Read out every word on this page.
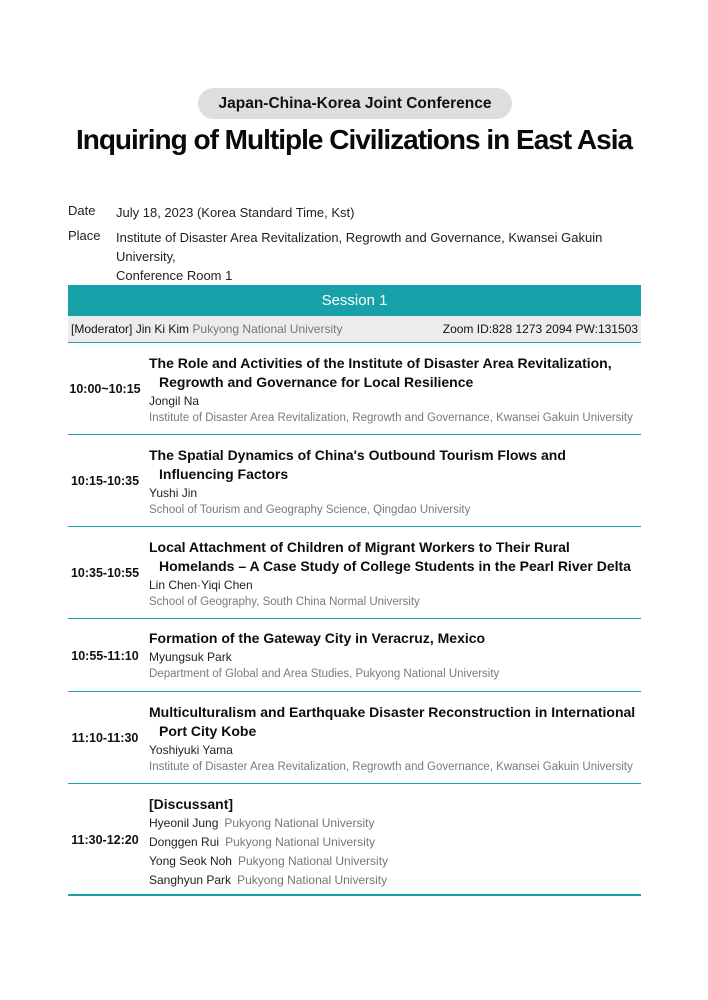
Japan-China-Korea Joint Conference
Inquiring of Multiple Civilizations in East Asia
Date	July 18, 2023 (Korea Standard Time, Kst)
Place	Institute of Disaster Area Revitalization, Regrowth and Governance, Kwansei Gakuin University,
Conference Room 1
Session 1
[Moderator] Jin Ki Kim Pukyong National University	Zoom ID:828 1273 2094 PW:131503
10:00~10:15
The Role and Activities of the Institute of Disaster Area Revitalization, Regrowth and Governance for Local Resilience
Jongil Na
Institute of Disaster Area Revitalization, Regrowth and Governance, Kwansei Gakuin University
10:15-10:35
The Spatial Dynamics of China's Outbound Tourism Flows and Influencing Factors
Yushi Jin
School of Tourism and Geography Science, Qingdao University
10:35-10:55
Local Attachment of Children of Migrant Workers to Their Rural Homelands – A Case Study of College Students in the Pearl River Delta
Lin Chen·Yiqi Chen
School of Geography, South China Normal University
10:55-11:10
Formation of the Gateway City in Veracruz, Mexico
Myungsuk Park
Department of Global and Area Studies, Pukyong National University
11:10-11:30
Multiculturalism and Earthquake Disaster Reconstruction in International Port City Kobe
Yoshiyuki Yama
Institute of Disaster Area Revitalization, Regrowth and Governance, Kwansei Gakuin University
11:30-12:20
[Discussant]
Hyeonil Jung Pukyong National University
Donggen Rui Pukyong National University
Yong Seok Noh Pukyong National University
Sanghyun Park Pukyong National University
